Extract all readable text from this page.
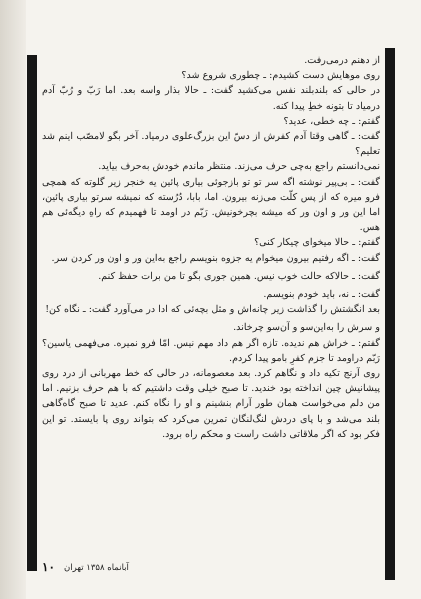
از دهنم درمی‌رفت.

روی موهایش دست کشیدم: ـ چطوری شروع شد؟

در حالی که بلندبلند نفس می‌کشید گفت: ـ حالا بذار واسه بعد. اما رَبّ و رُبّ آدم درمیاد تا بتونه خطِ پیدا کنه.

گفتم: ـ چه خطی، عدید؟

گفت: ـ گاهی وقتا آدم کفرش از دسّ این بزرگ‌علوی درمیاد. آخر بگو لامصّب اینم شد تعلیم؟

نمی‌دانستم راجع به‌چی حرف می‌زند. منتظر ماندم خودش به‌حرف بیاید.

گفت: ـ بی‌پیر نوشته اگه سر تو تو بازجوئی بیاری پائین یه خنجر زیر گلوته که همچی فرو میره که از پس کلّت می‌زنه بیرون. اما، بابا، دُرُسته که نمیشه سرتو بیاری پائین، اما این ور و اون ور که میشه بچرخونیش. رَبّم در اومد تا فهمیدم که راهِ دیگه‌ئی هم هس.

گفتم: ـ حالا میخوای چیکار کنی؟

گفت: ـ اگه رفتیم بیرون میخوام یه جزوه بنویسم راجع به‌این ور و اون ور کردن سر.

گفت: ـ حالاکه حالت خوب نیس. همین جوری بگو تا من برات حفظ کنم.

گفت: ـ نه، باید خودم بنویسم.

بعد انگشتش را گذاشت زیر چانه‌اش و مثل بچه‌ئی که ادا در می‌آورد گفت: ـ نگاه کن!

و سرش را به‌این‌سو و آن‌سو چرخاند.

گفتم: ـ خراش هم ندیده. تازه اگر هم داد مهم نیس. امّا فرو نمیره. می‌فهمی یاسین؟ رَبّم دراومد تا جزم کفرِ بامو پیدا کردم.

روی آرنج تکیه داد و نگاهم کرد. بعد معصومانه، در حالی که خط مهربانی از درد روی پیشانیش چین انداخته بود خندید. تا صبح خیلی وقت داشتیم که با هم حرف بزنیم. اما من دلم می‌خواست همان طور آرام بنشینم و او را نگاه کنم. عدید تا صبح گاه‌گاهی بلند می‌شد و با پای دردش لنگ‌لنگان تمرین می‌کرد که بتواند روی پا بایستد. تو این فکر بود که اگر ملاقاتی داشت راست و محکم راه برود.

۱۰ آبانماه ۱۳۵۸ تهران
